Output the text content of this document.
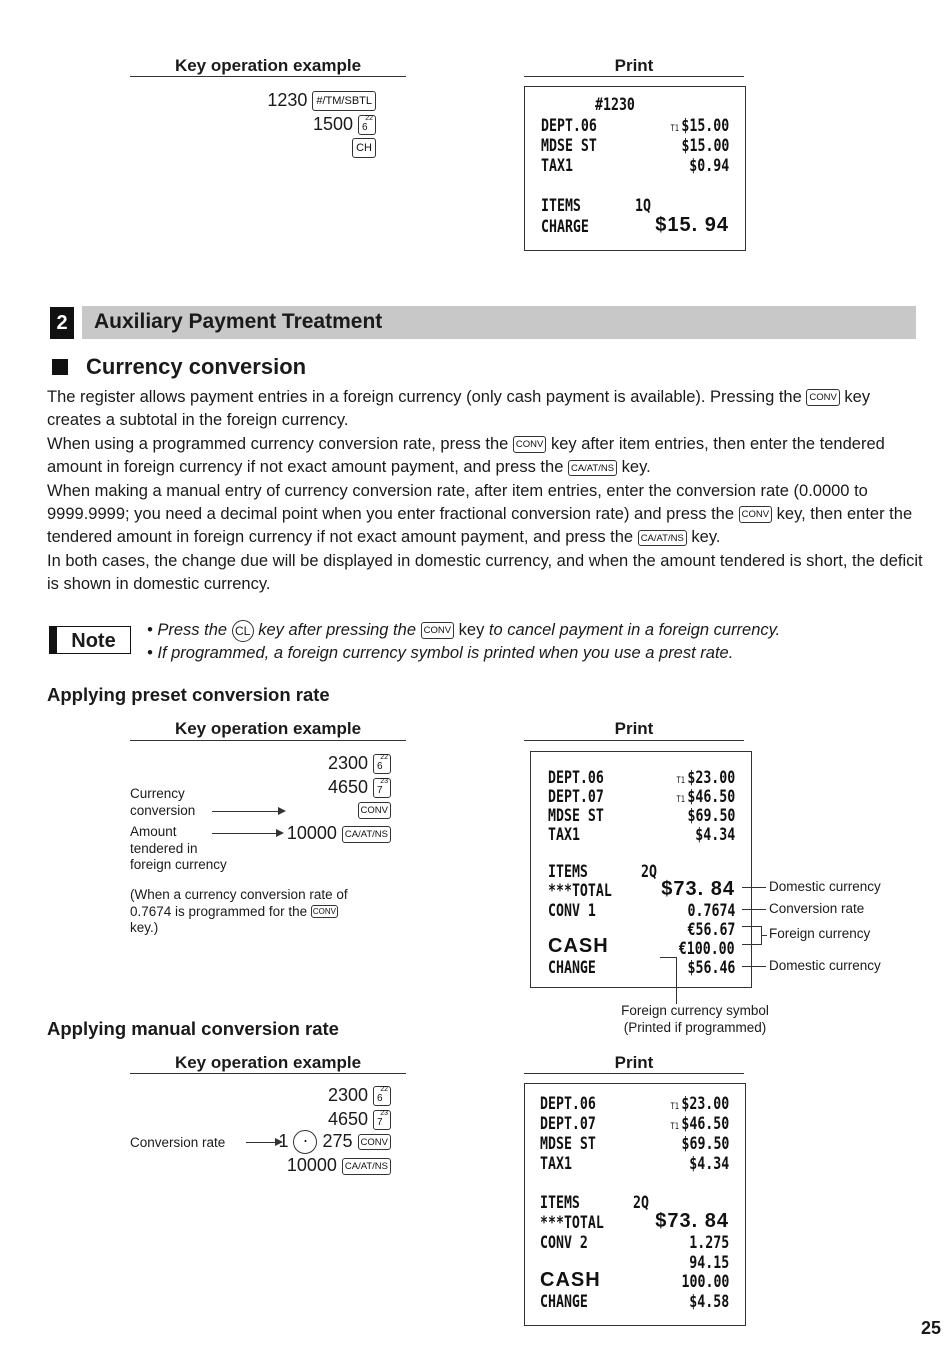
Key operation example	Print
1230 #/TM/SBTL
1500 22
6
CH
#1230
DEPT.06	T1 $15.00
MDSE ST	$15.00
TAX1	$0.94
ITEMS	1Q
CHARGE	$15. 94
2	Auxiliary Payment Treatment
Currency conversion

The register allows payment entries in a foreign currency (only cash payment is available). Pressing the CONV key creates a subtotal in the foreign currency.

When using a programmed currency conversion rate, press the CONV key after item entries, then enter the tendered amount in foreign currency if not exact amount payment, and press the CA/AT/NS key.

When making a manual entry of currency conversion rate, after item entries, enter the conversion rate (0.0000 to 9999.9999; you need a decimal point when you enter fractional conversion rate) and press the CONV key, then enter the tendered amount in foreign currency if not exact amount payment, and press the CA/AT/NS key.

In both cases, the change due will be displayed in domestic currency, and when the amount tendered is short, the deficit is shown in domestic currency.

Note	• Press the CL key after pressing the CONV key to cancel payment in a foreign currency.
• If programmed, a foreign currency symbol is printed when you use a prest rate.
Applying preset conversion rate
Key operation example	Print
2300 22
6
4650 23
7
CONV
10000 CA/AT/NS
Currency
conversion
Amount
tendered in
foreign currency
(When a currency conversion rate of 0.7674 is programmed for the CONV key.)
DEPT.06	T1 $23.00
DEPT.07	T1 $46.50
MDSE ST	$69.50
TAX1	$4.34
ITEMS	2Q
***TOTAL $73. 84
CONV 1	0.7674
€56.67
CASH	€100.00
CHANGE	$56.46
Domestic currency
Conversion rate
Foreign currency
Domestic currency
Foreign currency symbol
(Printed if programmed)
Applying manual conversion rate
Key operation example	Print
2300 22
6
4650 23
7
1 · 275 CONV
10000 CA/AT/NS
Conversion rate
DEPT.06	T1 $23.00
DEPT.07	T1 $46.50
MDSE ST	$69.50
TAX1	$4.34
ITEMS	2Q
***TOTAL	$73. 84
CONV 2	1.275
94.15
CASH	100.00
CHANGE	$4.58
25
